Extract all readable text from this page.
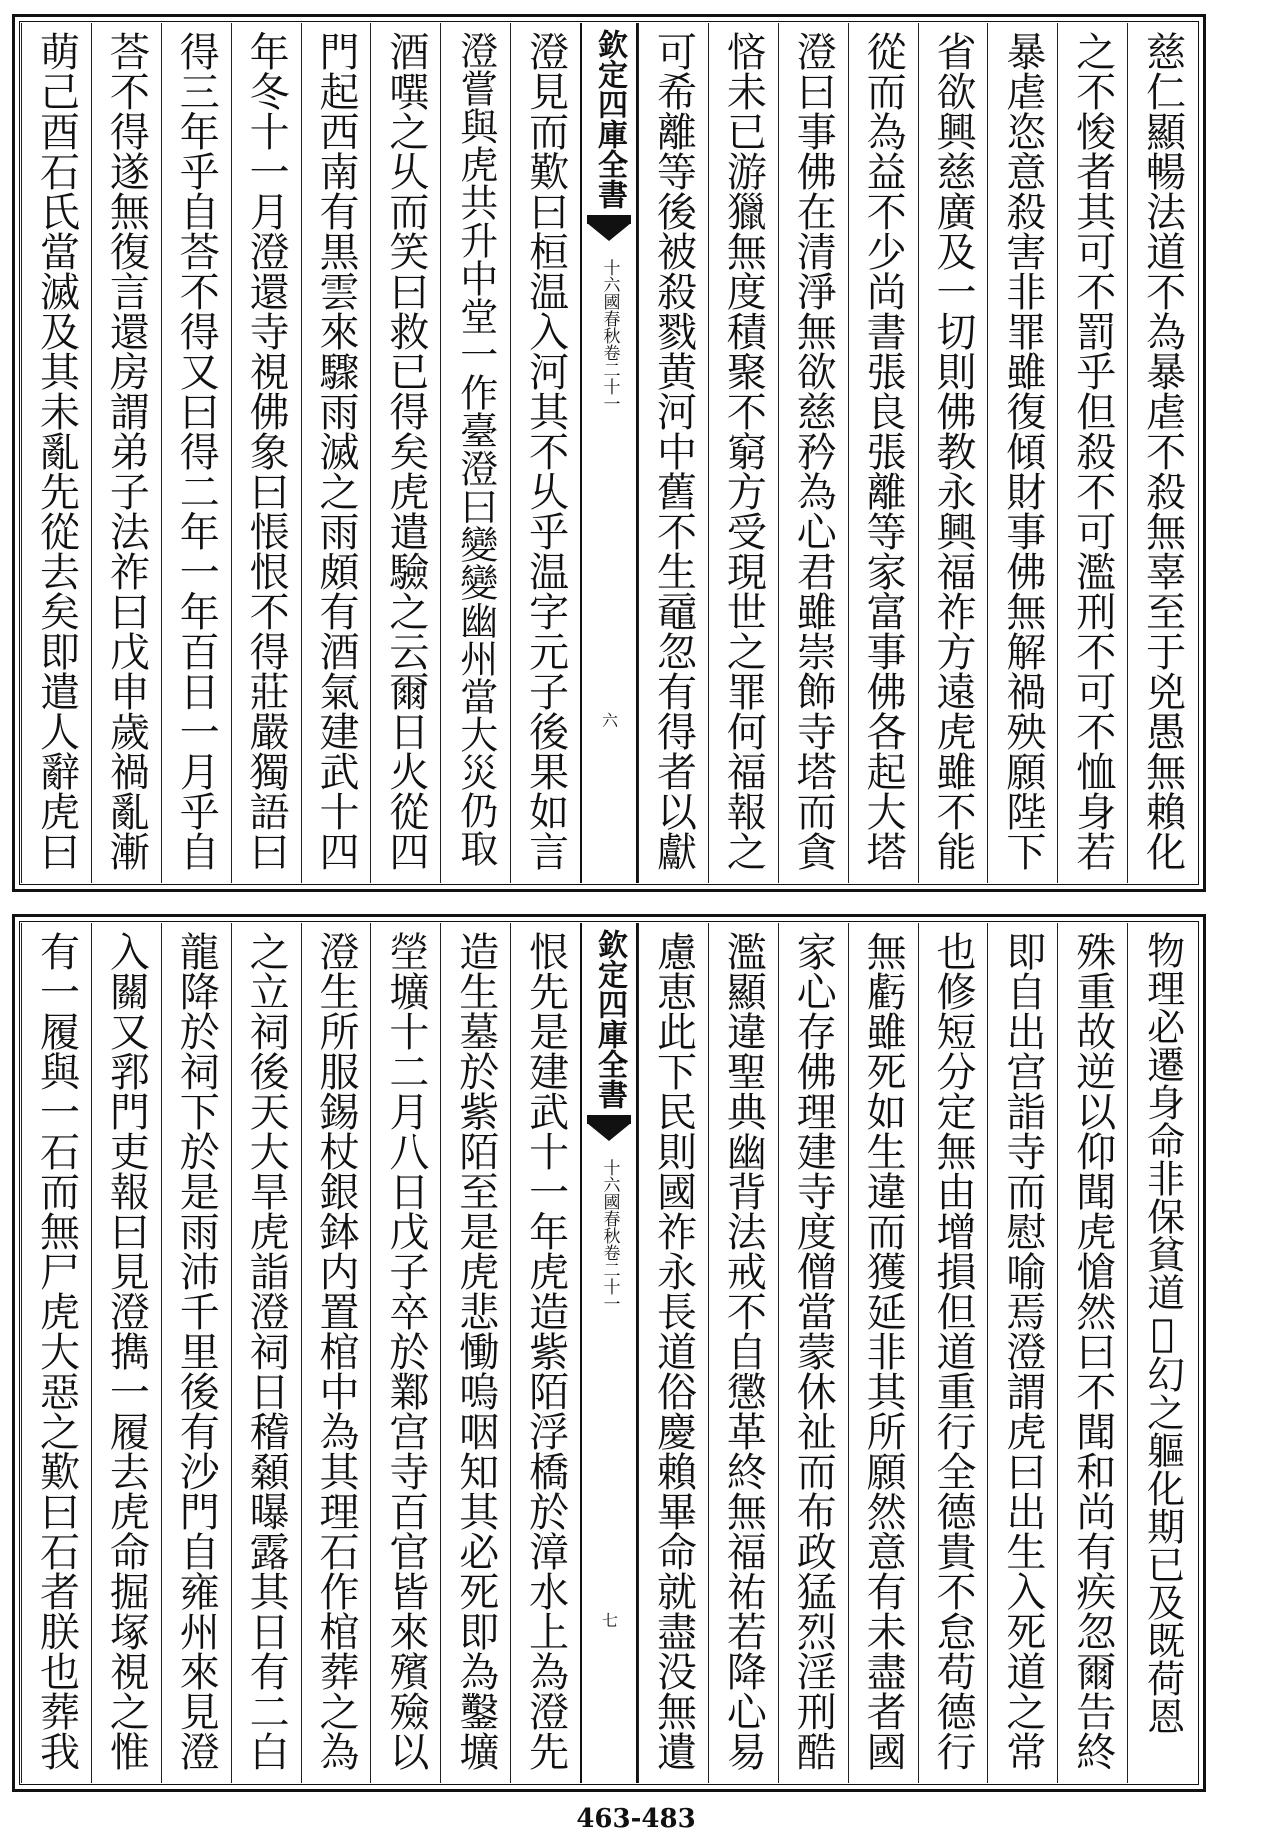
慈仁顯暢法道不為暴虐不殺無辜至于兇愚無賴化
之不悛者其可不罰乎但殺不可濫刑不可不恤身若
暴虐恣意殺害非罪雖復傾財事佛無解禍殃願陛下
省欲興慈廣及一切則佛教永興福祚方遠虎雖不能
從而為益不少尚書張良張離等家富事佛各起大塔
澄曰事佛在清淨無欲慈矜為心君雖崇飾寺塔而貪
悋未已游獵無度積聚不窮方受現世之罪何福報之
可希離等後被殺戮黄河中舊不生黿忽有得者以獻
欽定四庫全書
十六國春秋
卷二十一
六
澄見而歎曰桓温入河其不乆乎温字元子後果如言
澄嘗與虎共升中堂一作臺澄曰變變幽州當大災仍取
酒噀之乆而笑曰救已得矣虎遣驗之云爾日火從四
門起西南有黒雲來驟雨滅之雨頗有酒氣建武十四
年冬十一月澄還寺視佛象曰悵恨不得莊嚴獨語曰
得三年乎自荅不得又曰得二年一年百日一月乎自
荅不得遂無復言還房謂弟子法祚曰戊申歲禍亂漸
萌己酉石氏當滅及其未亂先從去矣即遣人辭虎曰
物理必遷身命非保貧道𠋣幻之軀化期已及既荷恩
殊重故逆以仰聞虎愴然曰不聞和尚有疾忽爾告終
即自出宫詣寺而慰喻焉澄謂虎曰出生入死道之常
也修短分定無由增損但道重行全德貴不怠苟德行
無虧雖死如生違而獲延非其所願然意有未盡者國
家心存佛理建寺度僧當蒙休祉而布政猛烈淫刑酷
濫顯違聖典幽背法戒不自懲革終無福祐若降心易
慮恵此下民則國祚永長道俗慶賴畢命就盡没無遺
欽定四庫全書
十六國春秋
卷二十一
七
恨先是建武十一年虎造紫陌浮橋於漳水上為澄先
造生墓於紫陌至是虎悲慟嗚咽知其必死即為鑿壙
塋壙十二月八日戊子卒於鄴宫寺百官皆來殯殮以
澄生所服錫杖銀鉢内置棺中為其理石作棺葬之為
之立祠後天大旱虎詣澄祠日稽顙曝露其日有二白
龍降於祠下於是雨沛千里後有沙門自雍州來見澄
入關又郛門吏報曰見澄擕一履去虎命掘塚視之惟
有一履與一石而無尸虎大惡之歎曰石者朕也葬我
463-483
